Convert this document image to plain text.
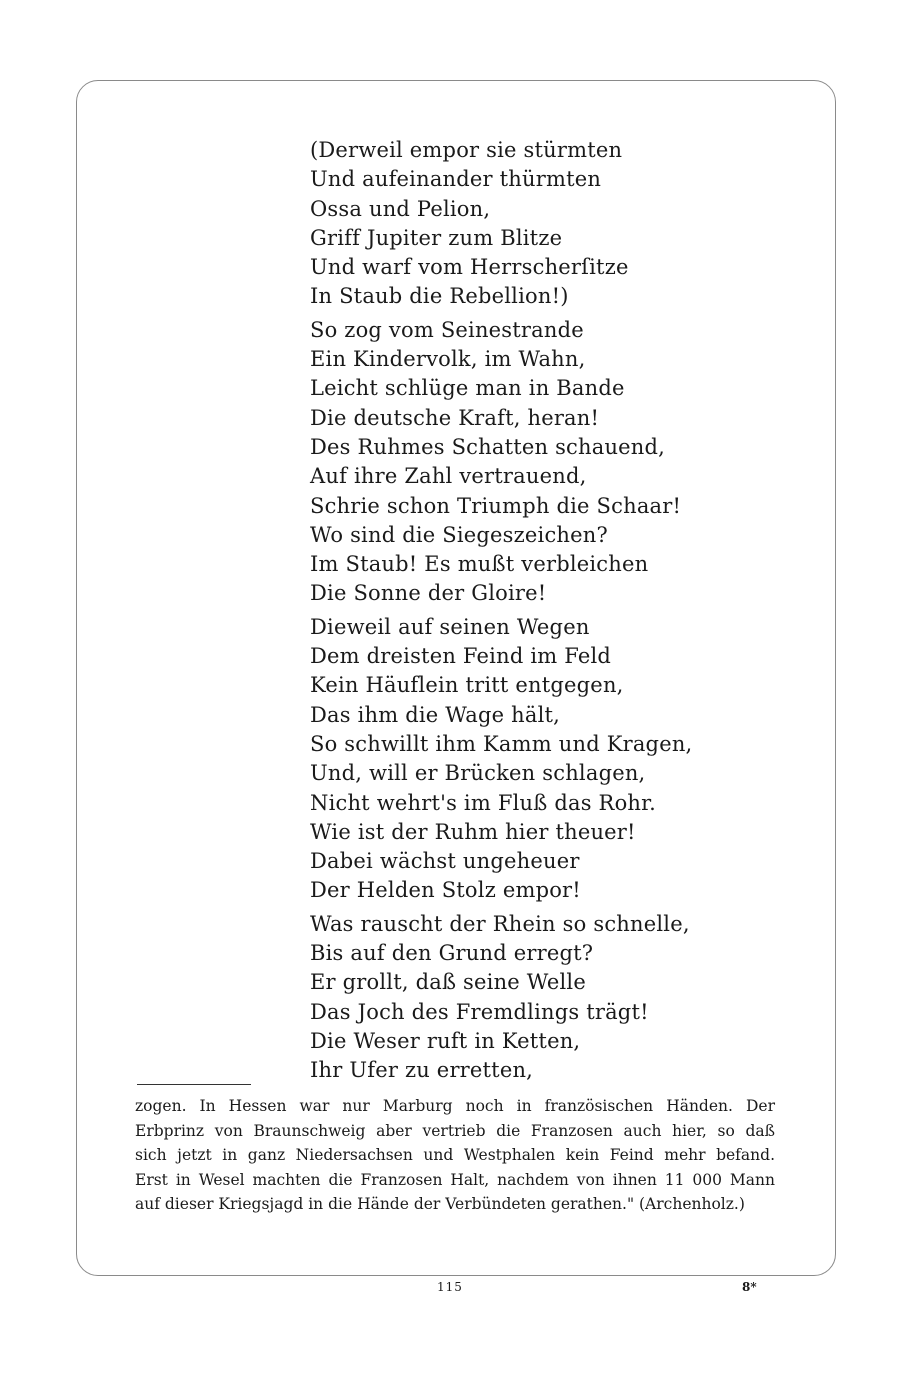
(Derweil empor sie stürmten
Und aufeinander thürmten
Ossa und Pelion,
Griff Jupiter zum Blitze
Und warf vom Herrscherſitze
In Staub die Rebellion!)
So zog vom Seinestrande
Ein Kindervolk, im Wahn,
Leicht schlüge man in Bande
Die deutsche Kraft, heran!
Des Ruhmes Schatten schauend,
Auf ihre Zahl vertrauend,
Schrie schon Triumph die Schaar!
Wo sind die Siegeszeichen?
Im Staub! Es mußt verbleichen
Die Sonne der Gloire!
Dieweil auf seinen Wegen
Dem dreisten Feind im Feld
Kein Häuflein tritt entgegen,
Das ihm die Wage hält,
So schwillt ihm Kamm und Kragen,
Und, will er Brücken schlagen,
Nicht wehrt's im Fluß das Rohr.
Wie ist der Ruhm hier theuer!
Dabei wächst ungeheuer
Der Helden Stolz empor!
Was rauscht der Rhein so schnelle,
Bis auf den Grund erregt?
Er grollt, daß seine Welle
Das Joch des Fremdlings trägt!
Die Weser ruft in Ketten,
Ihr Ufer zu erretten,
zogen. In Hessen war nur Marburg noch in französischen Händen. Der
Erbprinz von Braunschweig aber vertrieb die Franzosen auch hier, so daß
sich jetzt in ganz Niedersachsen und Westphalen kein Feind mehr befand.
Erst in Wesel machten die Franzosen Halt, nachdem von ihnen 11 000 Mann
auf dieser Kriegsjagd in die Hände der Verbündeten gerathen." (Archenholz.)
115	8*
